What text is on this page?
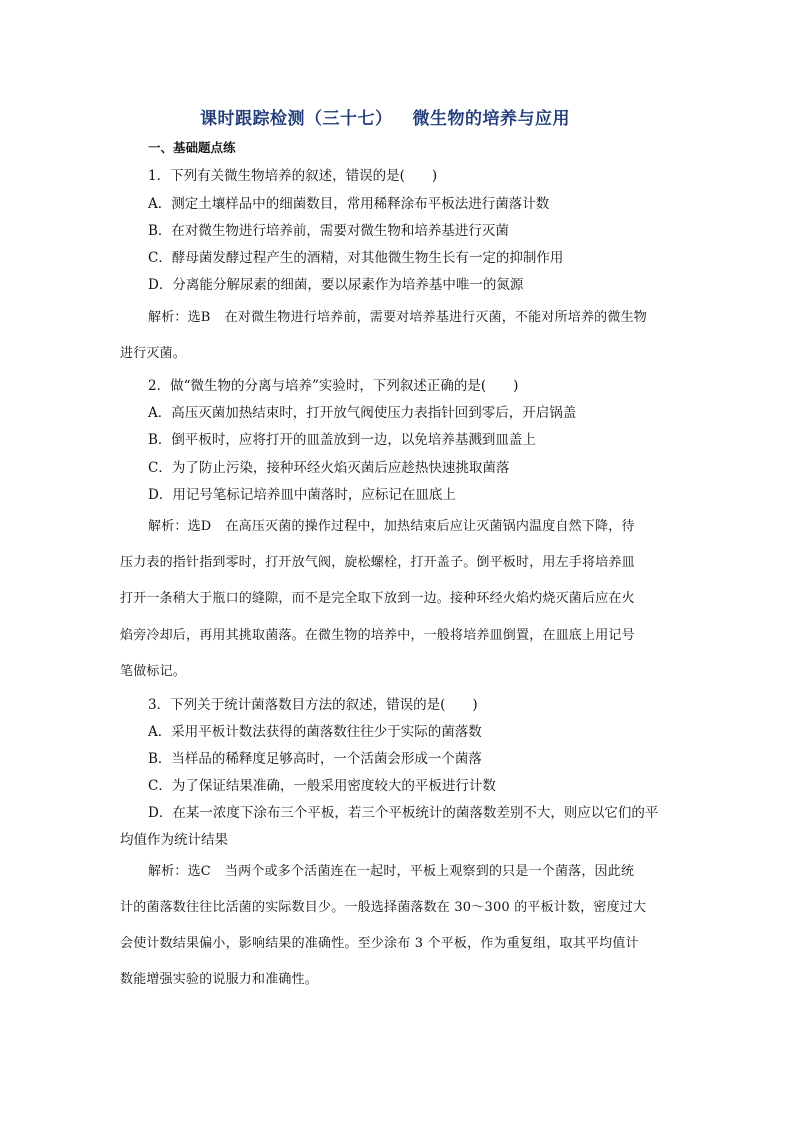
课时跟踪检测（三十七） 微生物的培养与应用
一、基础题点练
1．下列有关微生物培养的叙述，错误的是(　　)
A．测定土壤样品中的细菌数目，常用稀释涂布平板法进行菌落计数
B．在对微生物进行培养前，需要对微生物和培养基进行灭菌
C．酵母菌发酵过程产生的酒精，对其他微生物生长有一定的抑制作用
D．分离能分解尿素的细菌，要以尿素作为培养基中唯一的氮源
解析：选B 在对微生物进行培养前，需要对培养基进行灭菌，不能对所培养的微生物
进行灭菌。
2．做“微生物的分离与培养”实验时，下列叙述正确的是(　　)
A．高压灭菌加热结束时，打开放气阀使压力表指针回到零后，开启锅盖
B．倒平板时，应将打开的皿盖放到一边，以免培养基溅到皿盖上
C．为了防止污染，接种环经火焰灭菌后应趁热快速挑取菌落
D．用记号笔标记培养皿中菌落时，应标记在皿底上
解析：选D 在高压灭菌的操作过程中，加热结束后应让灭菌锅内温度自然下降，待
压力表的指针指到零时，打开放气阀，旋松螺栓，打开盖子。倒平板时，用左手将培养皿
打开一条稍大于瓶口的缝隙，而不是完全取下放到一边。接种环经火焰灼烧灭菌后应在火
焰旁冷却后，再用其挑取菌落。在微生物的培养中，一般将培养皿倒置，在皿底上用记号
笔做标记。
3．下列关于统计菌落数目方法的叙述，错误的是(　　)
A．采用平板计数法获得的菌落数往往少于实际的菌落数
B．当样品的稀释度足够高时，一个活菌会形成一个菌落
C．为了保证结果准确，一般采用密度较大的平板进行计数
D．在某一浓度下涂布三个平板，若三个平板统计的菌落数差别不大，则应以它们的平
均值作为统计结果
解析：选C 当两个或多个活菌连在一起时，平板上观察到的只是一个菌落，因此统
计的菌落数往往比活菌的实际数目少。一般选择菌落数在 30～300 的平板计数，密度过大
会使计数结果偏小，影响结果的准确性。至少涂布 3 个平板，作为重复组，取其平均值计
数能增强实验的说服力和准确性。
